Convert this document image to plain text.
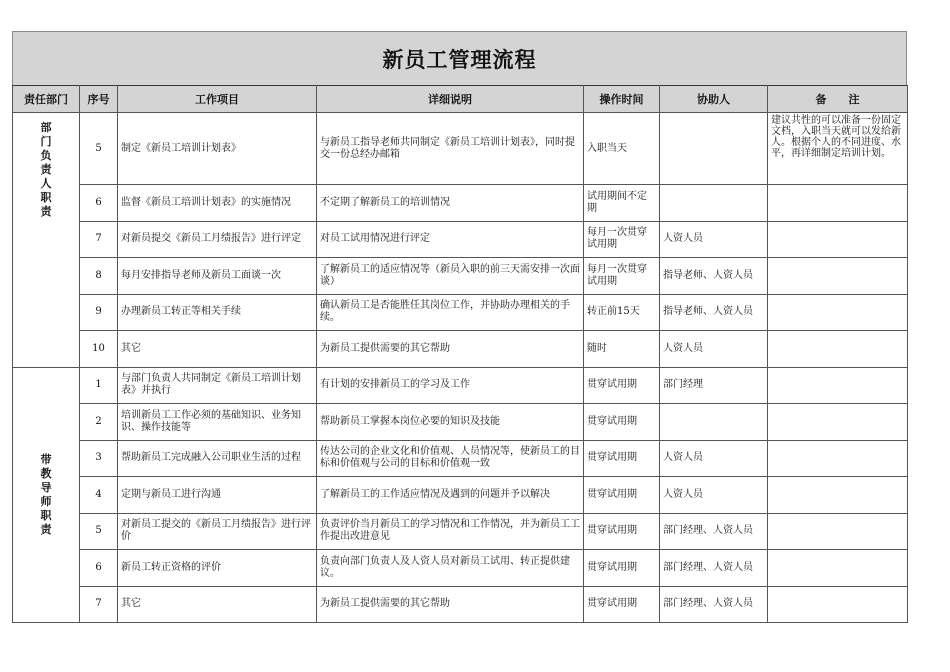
新员工管理流程
责任部门	序号	工作项目	详细说明	操作时间	协助人	备　　注
部门负责人职责	5	制定《新员工培训计划表》	与新员工指导老师共同制定《新员工培训计划表》，同时提交一份总经办邮箱	入职当天		建议共性的可以准备一份固定文档，入职当天就可以发给新人。根据个人的不同进度、水平，再详细制定培训计划。
	6	监督《新员工培训计划表》的实施情况	不定期了解新员工的培训情况	试用期间不定期		
	7	对新员提交《新员工月绩报告》进行评定	对员工试用情况进行评定	每月一次贯穿试用期	人资人员	
	8	每月安排指导老师及新员工面谈一次	了解新员工的适应情况等（新员入职的前三天需安排一次面谈）	每月一次贯穿试用期	指导老师、人资人员	
	9	办理新员工转正等相关手续	确认新员工是否能胜任其岗位工作，并协助办理相关的手续。	转正前15天	指导老师、人资人员	
	10	其它	为新员工提供需要的其它帮助	随时	人资人员	
带教导师职责	1	与部门负责人共同制定《新员工培训计划表》并执行	有计划的安排新员工的学习及工作	贯穿试用期	部门经理	
	2	培训新员工工作必须的基础知识、业务知识、操作技能等	帮助新员工掌握本岗位必要的知识及技能	贯穿试用期		
	3	帮助新员工完成融入公司职业生活的过程	传达公司的企业文化和价值观、人员情况等，使新员工的目标和价值观与公司的目标和价值观一致	贯穿试用期	人资人员	
	4	定期与新员工进行沟通	了解新员工的工作适应情况及遇到的问题并予以解决	贯穿试用期	人资人员	
	5	对新员工提交的《新员工月绩报告》进行评价	负责评价当月新员工的学习情况和工作情况，并为新员工工作提出改进意见	贯穿试用期	部门经理、人资人员	
	6	新员工转正资格的评价	负责向部门负责人及人资人员对新员工试用、转正提供建议。	贯穿试用期	部门经理、人资人员	
	7	其它	为新员工提供需要的其它帮助	贯穿试用期	部门经理、人资人员	
